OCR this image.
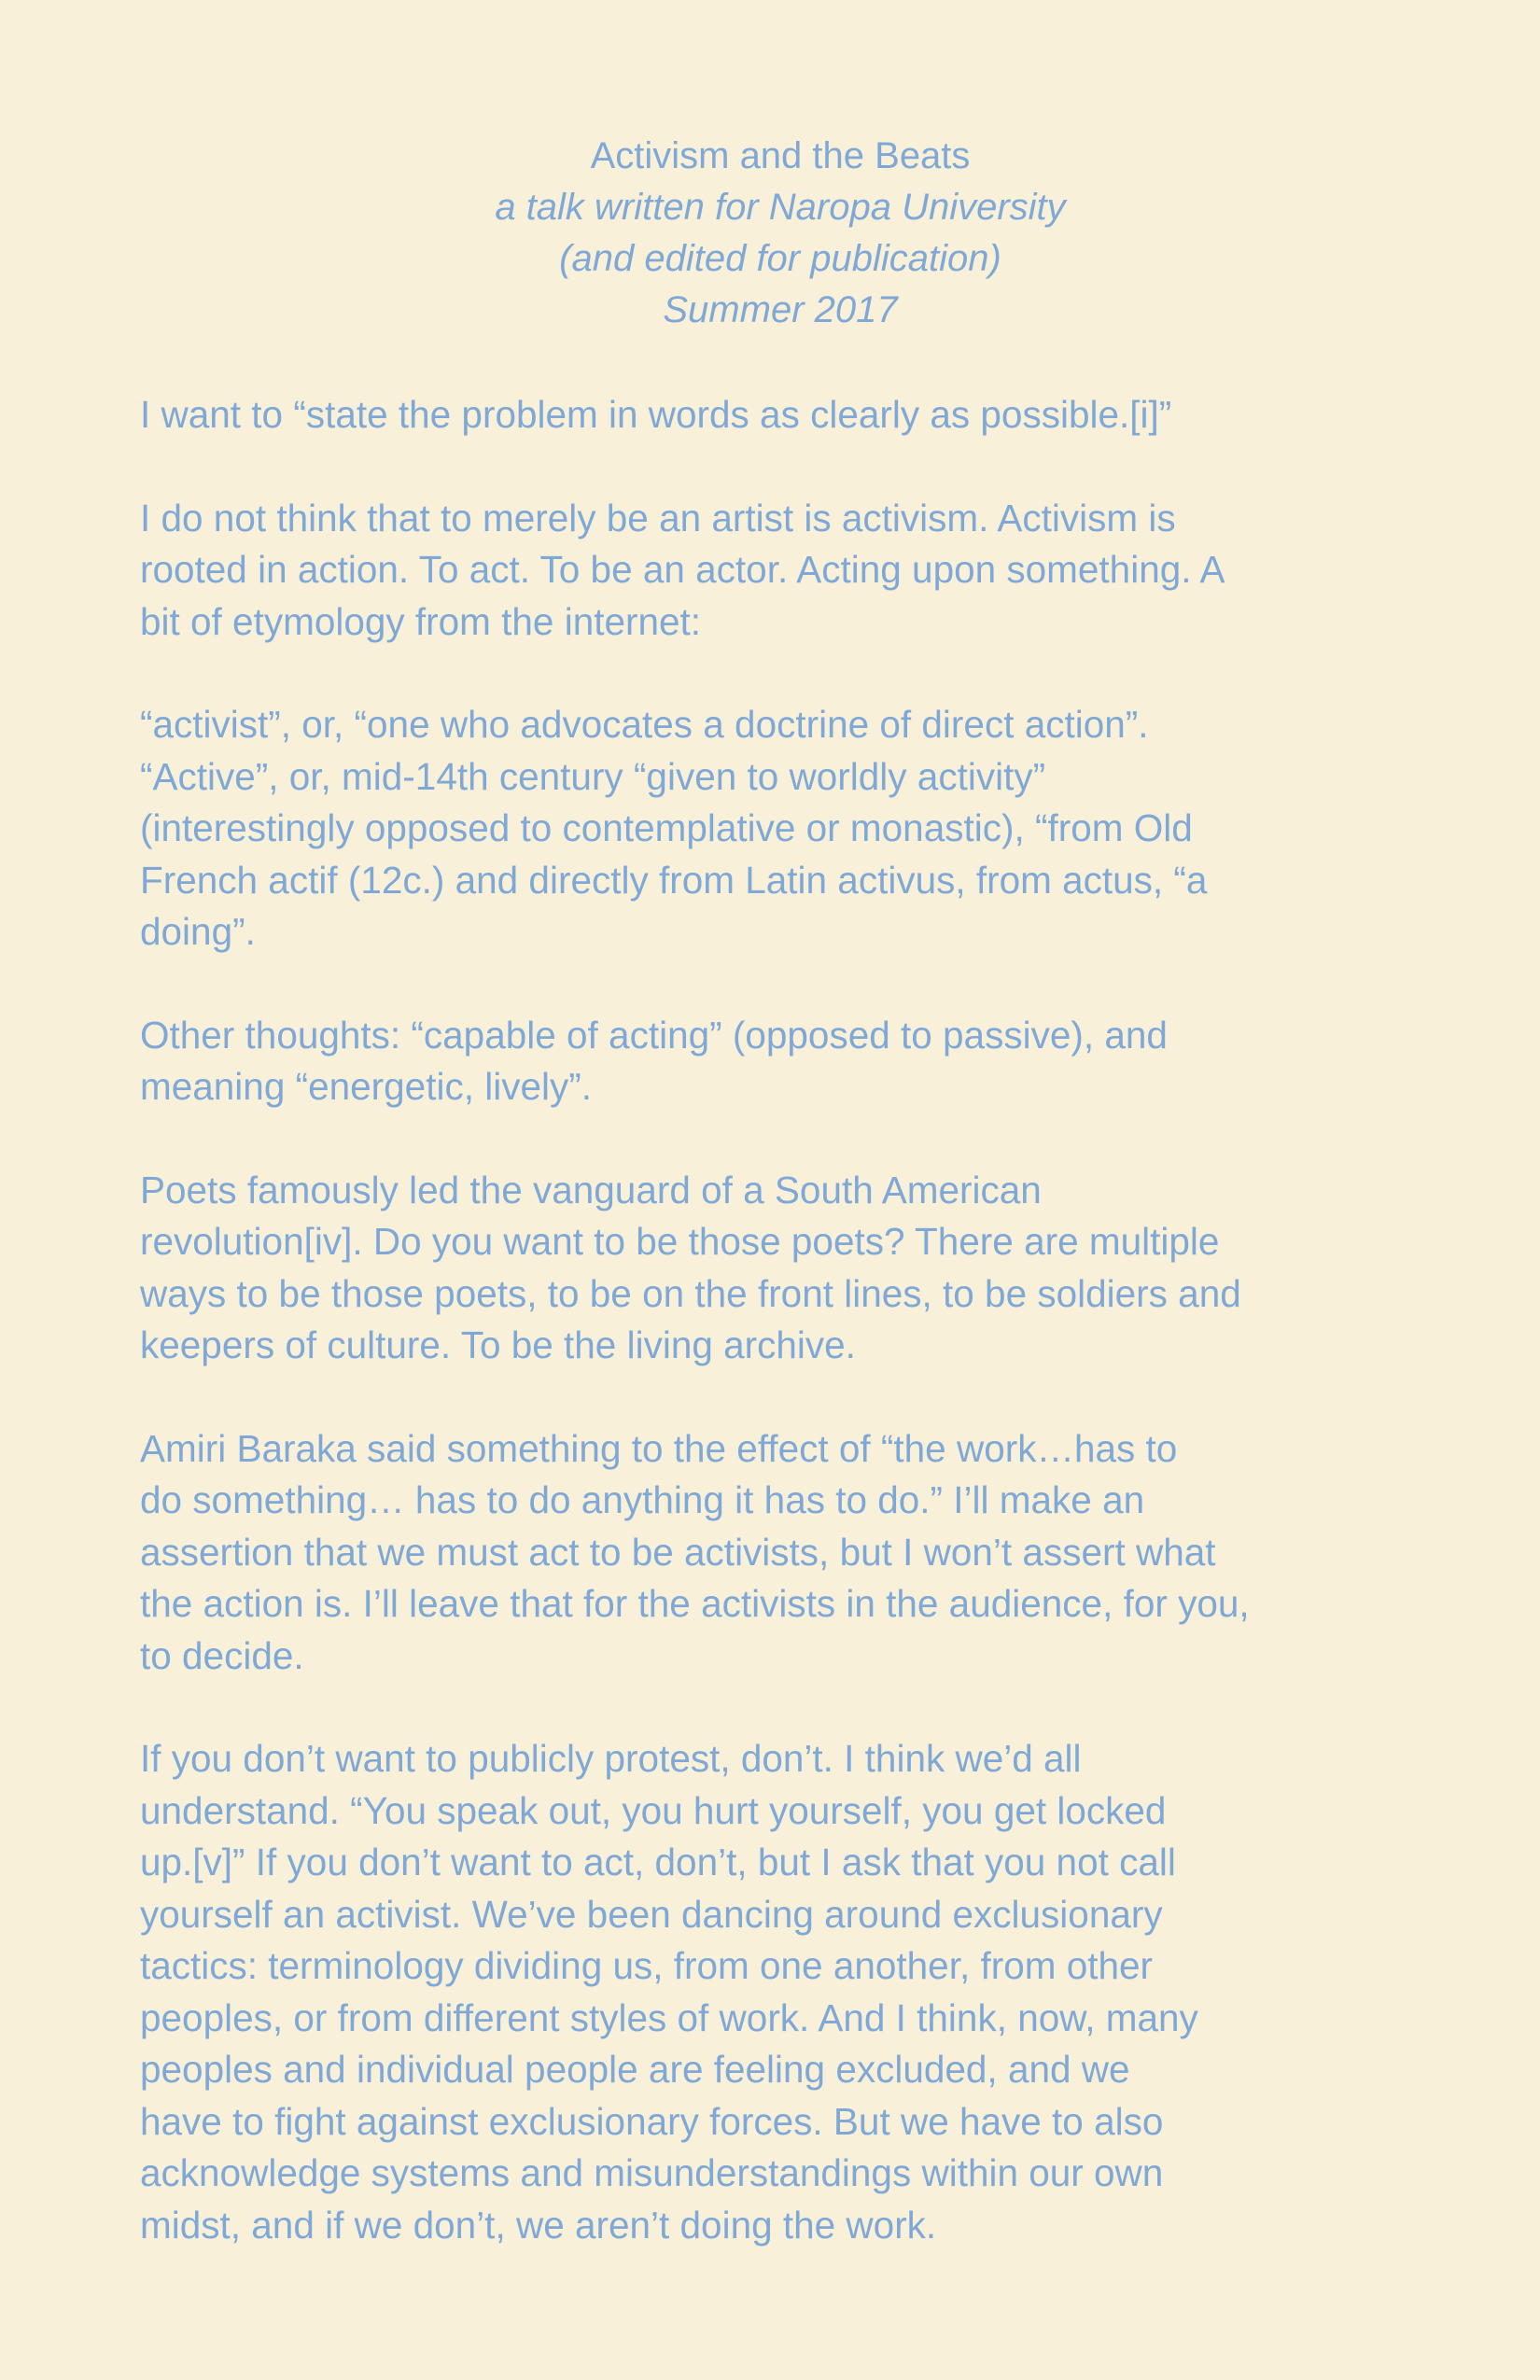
Activism and the Beats
a talk written for Naropa University
(and edited for publication)
Summer 2017

I want to “state the problem in words as clearly as possible.[i]”

I do not think that to merely be an artist is activism. Activism is
rooted in action. To act. To be an actor. Acting upon something. A
bit of etymology from the internet:

“activist”, or, “one who advocates a doctrine of direct action”.
“Active”, or, mid-14th century “given to worldly activity”
(interestingly opposed to contemplative or monastic), “from Old
French actif (12c.) and directly from Latin activus, from actus, “a
doing”.

Other thoughts: “capable of acting” (opposed to passive), and
meaning “energetic, lively”.

Poets famously led the vanguard of a South American
revolution[iv]. Do you want to be those poets? There are multiple
ways to be those poets, to be on the front lines, to be soldiers and
keepers of culture. To be the living archive.

Amiri Baraka said something to the effect of “the work…has to
do something… has to do anything it has to do.” I’ll make an
assertion that we must act to be activists, but I won’t assert what
the action is. I’ll leave that for the activists in the audience, for you,
to decide.

If you don’t want to publicly protest, don’t. I think we’d all
understand. “You speak out, you hurt yourself, you get locked
up.[v]” If you don’t want to act, don’t, but I ask that you not call
yourself an activist. We’ve been dancing around exclusionary
tactics: terminology dividing us, from one another, from other
peoples, or from different styles of work. And I think, now, many
peoples and individual people are feeling excluded, and we
have to fight against exclusionary forces. But we have to also
acknowledge systems and misunderstandings within our own
midst, and if we don’t, we aren’t doing the work.
